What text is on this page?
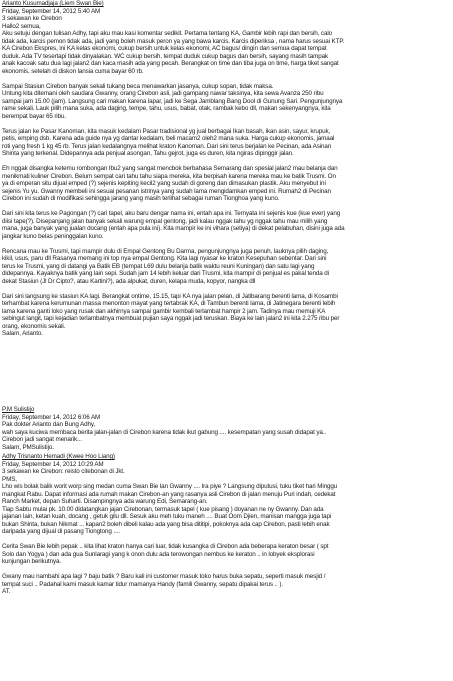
Arianto Kusumadjaja (Liem Swan Bie)
Friday, September 14, 2012 5:40 AM
3 sekawan ke Cirebon
Hallo2 semua,
Aku setuju dengan tulisan Adhy, tapi aku mau kasi komentar sedikit. Pertama tentang KA, Gambir lebih rapi dan bersih, calo
tidak ada, karcis pemon tidak ada, jadi yang boleh masuk peron ya yang bawa karcis. Karcis diperiksa , nama harus sesuai KTP.
KA Cirebon Ekspres, ini KA kelas ekonomi, cukup bersih untuk kelas ekonomi, AC bagus/ dingin dan semua dapat tempat
duduk. Ada TV tesertapi tidak dinyalakan. WC cukup bersih, tempat duduk cukup bagus dan bersih, sayang masih tampak
anak kacoak satu dua lagi jalan2 dan kaca masih ada yang pecah. Berangkat on time dan tiba juga on time, harga tiket sangat
ekonomis, setelah di diskon lansia cuma bayar 60 rb.
Sampai Stasiun Cirebon banyak sekali tukang beca menawarkan jasanya, cukup sopan, tidak maksa.
Untung kita ditemani oleh saudara Gwanny, orang Cirebon asli, jadi gampang nawar taksinya, kita sewa Avanza 250 ribu
sampai jam 15.00 (jam). Langsung cari makan karena lapar, jadi ke Sega Jamblang Bang Dool di Gunung Sari. Pengunjungnya
rame sekali. Lauk pilih mana suka, ada daging, tempe, tahu, usus, babat, otak, rambak kebo dll, makan sekenyangnya, kita
berempat bayar 65 ribu.
Terus jalan ke Pasar Kanoman, kita masuk kedalam Pasar tradisional yg jual berbagai Ikan basah, ikan asin, sayur, krupuk,
petis, emping dsb. Karena ada guide nya yg dantar kedalam, beli macam2 oleh2 mana suka. Harga cukup ekonomis, jamaal
roti yang fresh 1 kg 45 rb. Terus jalan kedalangnya melihat kraton Kanoman. Dari sini terus berjalan ke Pecinan, ada Asinan
Shinta yang terkenal. Didepannya ada penjual asongan, Tahu gejrot, juga es duren, kita ngiras dipinggir jalan.
Eh nggak disangka ketemu rombongan Ibu2 yang sangat mencbok berbahasa Semarang dan spesial jalan2 mau belanja dan
menikmati kuliner Cirebon. Belum sempat cari tahu tahu siapa mereka, kita berpisah karena mereka mau ke batik Trusmi. On
ya di emperan situ dijual emped (?) sejenis kepiting kecil2 yang sudah di goreng dan dimasukan plastik. Aku menyebut ini
sejenis Yu yu. Gwanny membeli ini sesuai pesanan istrinya yang sudah lama mengidamkan emped ini. Rumah2 di Pecinan
Cirebon ini sudah di modifikasi sehingga jarang yang masih terlihat sebagai ruman Tionghoa yang kuno.
Dari sini kita terus ke Pagongan (?) cari tapel, aku baru dengar nama ini, entah apa ini. Ternyata ini sejenis kue (kue ever) yang
diisi tape(?). Disepanjang jalan banyak sekali warung empal gentong, jadi kalau nggak tahu yg nggak tahu mau milih yang
mana, juga banyak yang jualan docang (entah apa pula ini). Kita mampir ke ini vihara (setiya) di dekat pelabuhan, disini juga ada
jangkar kuno belas peninggalan kuno.
Rencana mau ke Trusmi, tapi mampir dulu di Empal Gentong Bu Darma, pengunjungnya juga penuh, lauknya pilih daging,
kikil, usus, paru dll Rasanya memang ini top nya empal Gentong. Kita lagi nyasar ke kraton Kesepuhan sebentar. Dari sini
terus ke Trusmi, yang di datangi ya Batik EB (tempat L69 dulu belanja batik waktu reuni Kuningan) dan satu lagi yang
didepannya. Kayaknya batik yang lain sepi. Sudah jam 14 lebih keluar dari Trusmi, kita mampir di penjual es pakal tenda di
dekat Stasiun (Jl Dr Cipto?, atau Kartini?), ada alpukat, duren, kelapa muda, kopyor, nangka dll
Dari sini langsung ke stasiun KA lagi. Berangkat ontime, 15.15, tapi KA nya jalan pelan, di Jatibarang berenti lama, di Kosambi
terhambat karena kerumunan massa menonton mayat yang tertabrak KA, di Tambun berenti lama, di Jatinegara berenti lebih
lama karena ganti loko yang rusak dan akhirnya sampai gambir kembali terlambat hampir 2 jam. Tadinya mau memuji KA
sebingut langit, tapi kejadian terlambatnya membuat pujian saya nggak jadi teruskan. Biaya ke lain jalan2 ini kita 2.275 ribu per
orang, ekonomis sekali.
Salam, Arianto.
P.M Sulistijo
Friday, September 14, 2012 6:06 AM
Pak dokter Arianto dan Bung Adhy,
wah saya kuciwa membaca berita jalan-jalan di Cirebon karena tidak ikut gabung .... kesempatan yang susah didapat ya..
Cirebon jadi sangat menarik...
Salam, PMSulistijo.
Adhy Trisnanto Hemadi (Kwee Hoo Liang)
Friday, September 14, 2012 10:29 AM
3 sekawan ke Cirebon: reisto citebonan di Jkt.
PMS,
Lho wis bolak balik worit worp sing medan cuma Swan Bie lan Gwanny .... Ira piye ? Langsung diputusi, tuku tiket hari Minggu
mangkat Rabu. Dapat informasi ada rumah makan Cirebon-an yang rasanya asli Cirebon di jalan menuju Puri indah, cedekat
Ranch Market, depan Suharti. Disampingnya ada warung Edi, Semarang-an.
Tiap Sabtu mulai pk. 10.00 didatangkan jajan Cirebonan, termasuk tapel ( kue pisang ) doyanan ne ny Gwanny. Dan ada
jajanan lain, ketan kuah, docang , getuk gilu dll. Sesuk aku meh tuku maneh .... Buat Oom Djien, manisan mangga juga tapi
bukan Shinta, bukan Nikmat ... kapan2 boleh dibeli kalau ada yang bisa dititipi, pokoknya ada cap Cirebon, pasti lebih enak
daripada yang dijual di pasang Tiongtong ....
Cerita Swan Bie lebih pepak .. kita lihat kraton hanya cari luar, tidak kusangka di Cirebon ada beberapa keraton besar ( spt
Solo dan Yogya ) dan ada gua Sunlaragi yang k onon dulu ada terowongan nembus ke keraton .. in lobyek eksplorasi
kunjungan berikutnya.
Gwany mau nambahi apa lagi ? baju batik ? Baru kali ini customer masuk toko harus buka sepatu, seperti masuk mesjid /
tempat suci .. Padahal kami masuk kamar tidur mamanya Handy (famili Gwanny, sepatu dipakai terus .. ).
AT.
